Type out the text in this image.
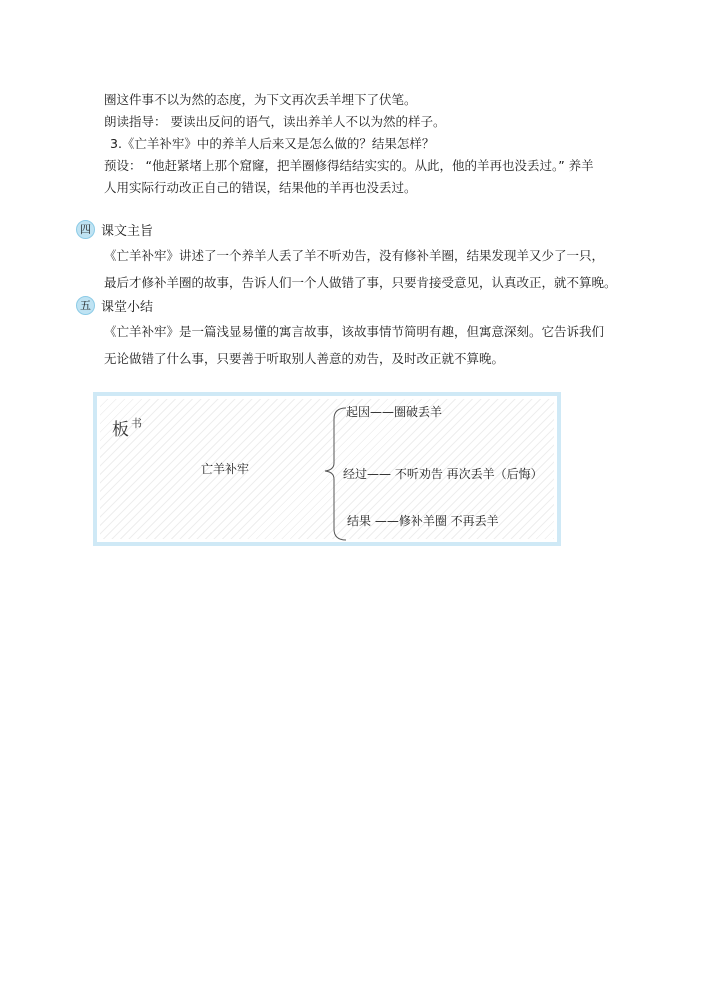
圈这件事不以为然的态度，为下文再次丢羊埋下了伏笔。
朗读指导： 要读出反问的语气，读出养羊人不以为然的样子。
3.《亡羊补牢》中的养羊人后来又是怎么做的？结果怎样？
预设： “他赶紧堵上那个窟窿，把羊圈修得结结实实的。从此，他的羊再也没丢过。” 养羊
人用实际行动改正自己的错误，结果他的羊再也没丢过。
四 课文主旨
《亡羊补牢》讲述了一个养羊人丢了羊不听劝告，没有修补羊圈，结果发现羊又少了一只，
最后才修补羊圈的故事，告诉人们一个人做错了事，只要肯接受意见，认真改正，就不算晚。
五 课堂小结
《亡羊补牢》是一篇浅显易懂的寓言故事，该故事情节简明有趣，但寓意深刻。它告诉我们
无论做错了什么事，只要善于听取别人善意的劝告，及时改正就不算晚。
板 书
亡羊补牢
起因——圈破丢羊
经过—— 不听劝告 再次丢羊（后悔）
结果 ——修补羊圈 不再丢羊
